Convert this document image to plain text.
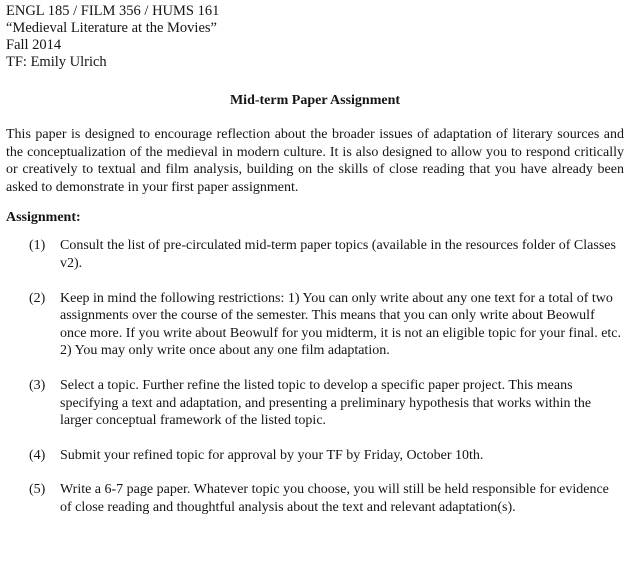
ENGL 185 / FILM 356 / HUMS 161

“Medieval Literature at the Movies”

Fall 2014

TF: Emily Ulrich

Mid-term Paper Assignment

This paper is designed to encourage reflection about the broader issues of adaptation of literary sources and the conceptualization of the medieval in modern culture. It is also designed to allow you to respond critically or creatively to textual and film analysis, building on the skills of close reading that you have already been asked to demonstrate in your first paper assignment.

Assignment:
(1)	Consult the list of pre-circulated mid-term paper topics (available in the resources folder of Classes v2).
(2)	Keep in mind the following restrictions: 1) You can only write about any one text for a total of two assignments over the course of the semester. This means that you can only write about Beowulf once more. If you write about Beowulf for you midterm, it is not an eligible topic for your final. etc. 2) You may only write once about any one film adaptation.
(3)	Select a topic. Further refine the listed topic to develop a specific paper project. This means specifying a text and adaptation, and presenting a preliminary hypothesis that works within the larger conceptual framework of the listed topic.
(4)	Submit your refined topic for approval by your TF by Friday, October 10th.
(5)	Write a 6-7 page paper. Whatever topic you choose, you will still be held responsible for evidence of close reading and thoughtful analysis about the text and relevant adaptation(s).
